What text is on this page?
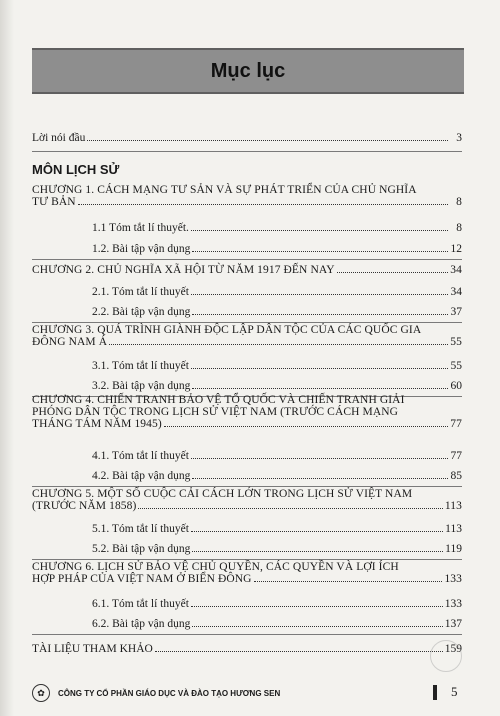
Mục lục
Lời nói đầu	3
MÔN LỊCH SỬ
CHƯƠNG 1. CÁCH MẠNG TƯ SẢN VÀ SỰ PHÁT TRIỂN CỦA CHỦ NGHĨA
TƯ BẢN	8
1.1 Tóm tắt lí thuyết.	8
1.2. Bài tập vận dụng	12
CHƯƠNG 2. CHỦ NGHĨA XÃ HỘI TỪ NĂM 1917 ĐẾN NAY	34
2.1. Tóm tắt lí thuyết	34
2.2. Bài tập vận dụng	37
CHƯƠNG 3. QUÁ TRÌNH GIÀNH ĐỘC LẬP DÂN TỘC CỦA CÁC QUỐC GIA
ĐÔNG NAM Á	55
3.1. Tóm tắt lí thuyết	55
3.2. Bài tập vận dụng	60
CHƯƠNG 4. CHIẾN TRANH BẢO VỆ TỔ QUỐC VÀ CHIẾN TRANH GIẢI
PHÓNG DÂN TỘC TRONG LỊCH SỬ VIỆT NAM (TRƯỚC CÁCH MẠNG
THÁNG TÁM NĂM 1945)	77
4.1. Tóm tắt lí thuyết	77
4.2. Bài tập vận dụng	85
CHƯƠNG 5. MỘT SỐ CUỘC CẢI CÁCH LỚN TRONG LỊCH SỬ VIỆT NAM
(TRƯỚC NĂM 1858)	113
5.1. Tóm tắt lí thuyết	113
5.2. Bài tập vận dụng	119
CHƯƠNG 6. LỊCH SỬ BẢO VỆ CHỦ QUYỀN, CÁC QUYỀN VÀ LỢI ÍCH
HỢP PHÁP CỦA VIỆT NAM Ở BIỂN ĐÔNG	133
6.1. Tóm tắt lí thuyết	133
6.2. Bài tập vận dụng	137
TÀI LIỆU THAM KHẢO	159
✿	CÔNG TY CỔ PHẦN GIÁO DỤC VÀ ĐÀO TẠO HƯƠNG SEN	5
